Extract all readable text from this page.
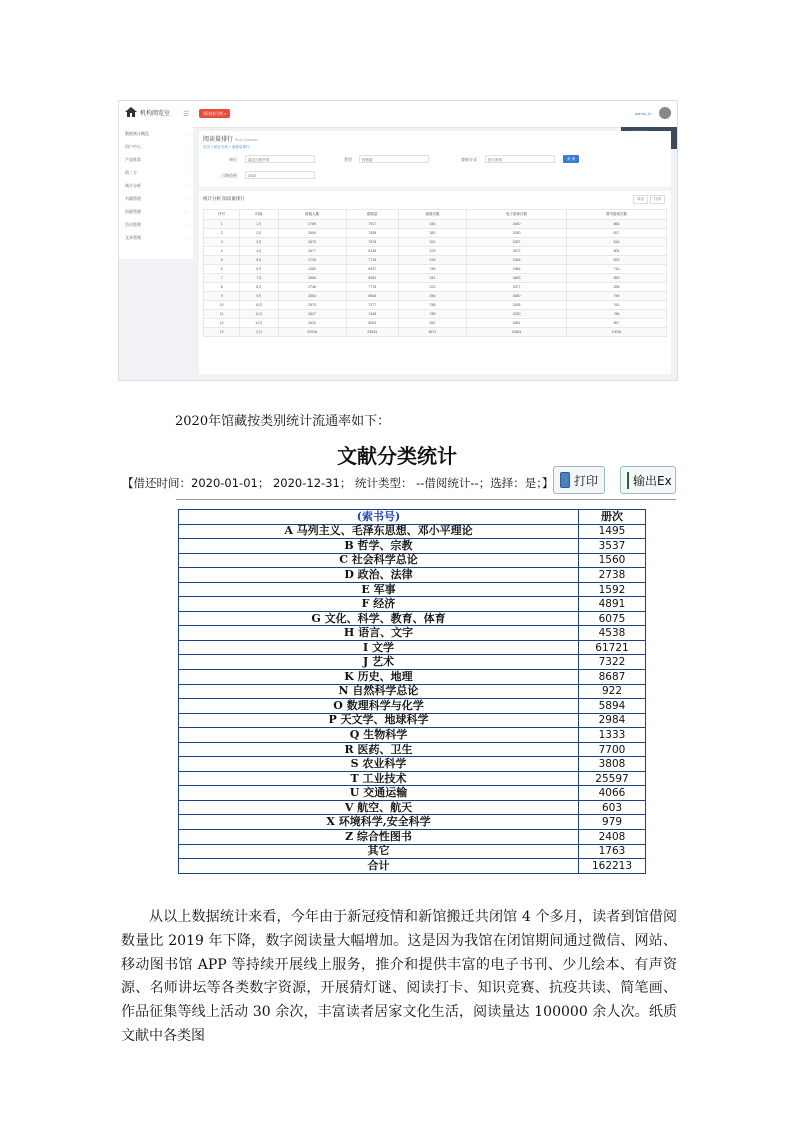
机构阅览室 ☰	阅读排行榜 ×	admin_lc
数据统计概览	›
用户中心	›
产品推荐	›
借三方	›
统计分析	›
书籍管理	›
资源管理	›
活动管理	›
文章管理	›
阅读量排行 Read Statistics
首页 > 统计分析 > 阅读量排行
单位	嘉定区图书馆	类型	按借阅	查询方式	按月查询	查 询
日期范围	2020
统计分析 阅读量排行	导出	打印
序号	时间	借阅人数	借阅量	续借次数	电子阅读次数	图书阅读次数
1	1月	2789	7917	346	3440	866
2	2月	2694	7538	383	3280	817
3	3月	2679	7578	391	3287	816
4	4月	2677	8148	375	3672	804
5	5月	2726	7718	316	3346	829
6	6月	2382	6937	786	2986	716
7	7月	2665	8353	341	3653	853
8	8月	2746	7778	322	3377	836
9	9月	2654	8608	356	3480	796
10	10月	2573	7277	788	3185	761
11	11月	2627	7448	789	3230	786
12	12月	2632	8904	352	3481	867
13	合计	22916	93534	6671	40481	10016
2020年馆藏按类别统计流通率如下：
文献分类统计
【借还时间：2020-01-01； 2020-12-31； 统计类型： --借阅统计--；选择：是；】 打印	输出Ex
(索书号)	册次
A 马列主义、毛泽东思想、邓小平理论	1495
B 哲学、宗教	3537
C 社会科学总论	1560
D 政治、法律	2738
E 军事	1592
F 经济	4891
G 文化、科学、教育、体育	6075
H 语言、文字	4538
I 文学	61721
J 艺术	7322
K 历史、地理	8687
N 自然科学总论	922
O 数理科学与化学	5894
P 天文学、地球科学	2984
Q 生物科学	1333
R 医药、卫生	7700
S 农业科学	3808
T 工业技术	25597
U 交通运输	4066
V 航空、航天	603
X 环境科学,安全科学	979
Z 综合性图书	2408
其它	1763
合计	162213
从以上数据统计来看，今年由于新冠疫情和新馆搬迁共闭馆 4 个多月，读者到馆借阅数量比 2019 年下降，数字阅读量大幅增加。这是因为我馆在闭馆期间通过微信、网站、移动图书馆 APP 等持续开展线上服务，推介和提供丰富的电子书刊、少儿绘本、有声资源、名师讲坛等各类数字资源，开展猜灯谜、阅读打卡、知识竞赛、抗疫共读、简笔画、作品征集等线上活动 30 余次，丰富读者居家文化生活，阅读量达 100000 余人次。纸质文献中各类图
